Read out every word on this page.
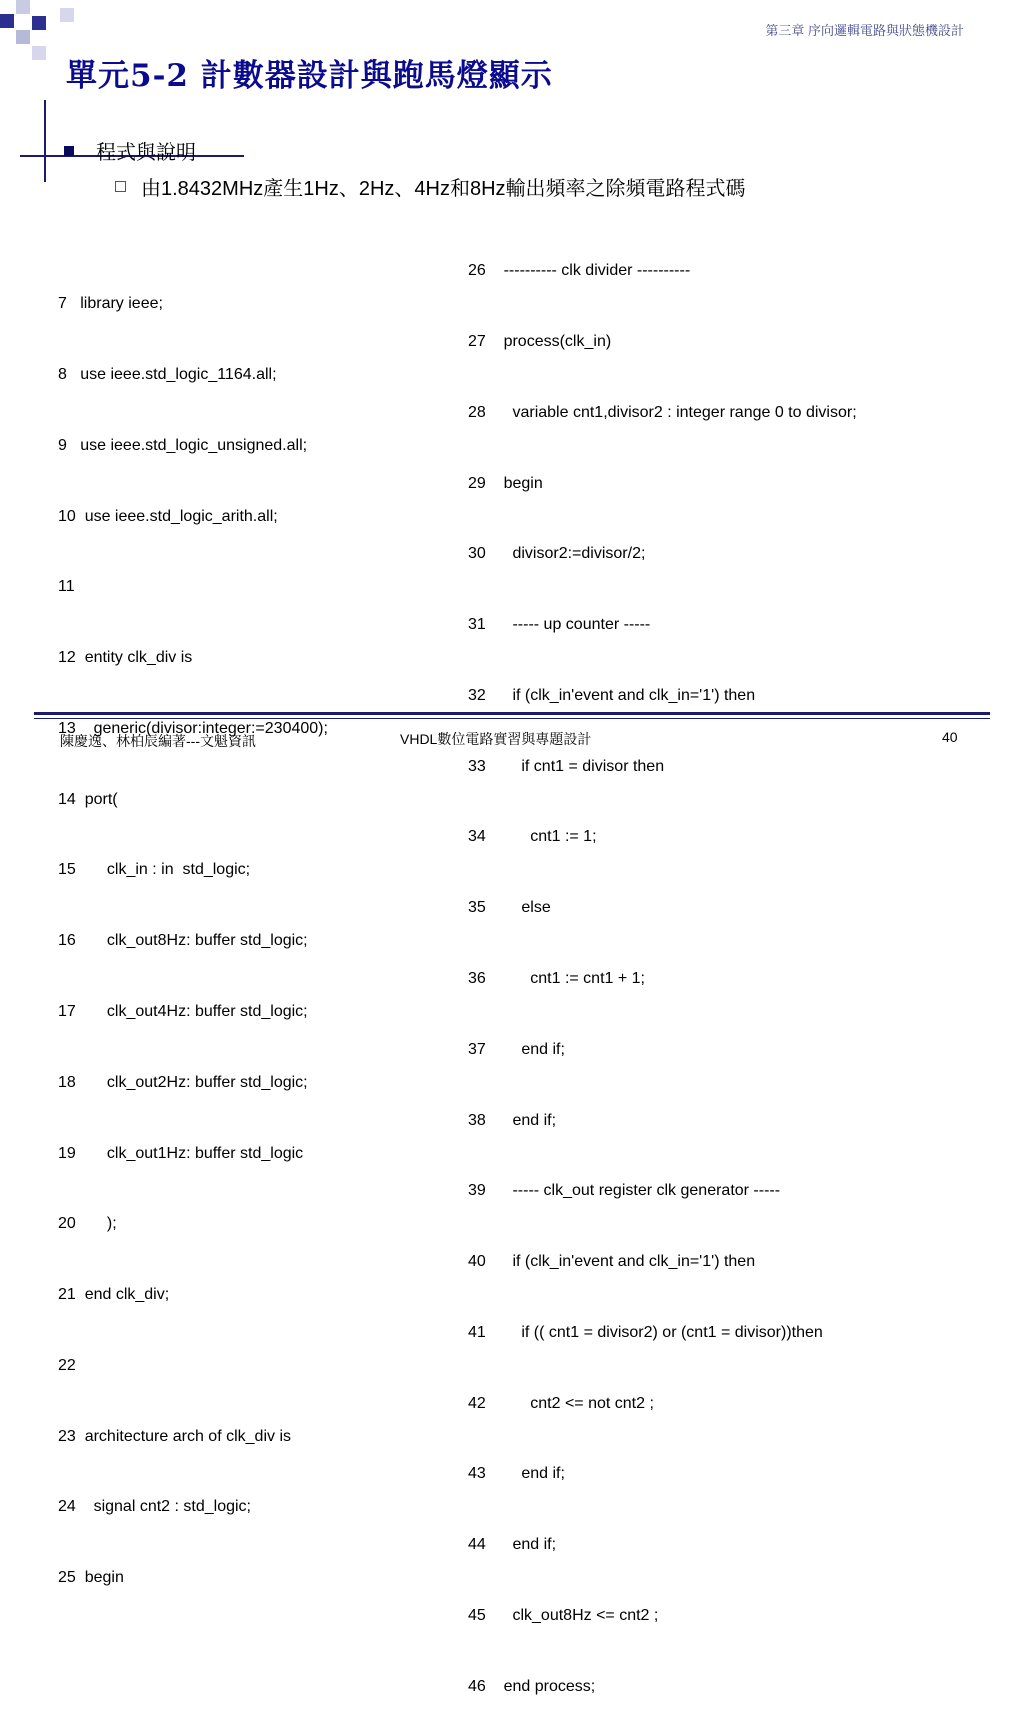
第三章 序向邏輯電路與狀態機設計
單元5-2 計數器設計與跑馬燈顯示
程式與說明
由1.8432MHz產生1Hz、2Hz、4Hz和8Hz輸出頻率之除頻電路程式碼

7   library ieee;

8   use ieee.std_logic_1164.all;

9   use ieee.std_logic_unsigned.all;

10  use ieee.std_logic_arith.all;

11

12  entity clk_div is

13    generic(divisor:integer:=230400);

14  port(

15       clk_in : in  std_logic;

16       clk_out8Hz: buffer std_logic;

17       clk_out4Hz: buffer std_logic;

18       clk_out2Hz: buffer std_logic;

19       clk_out1Hz: buffer std_logic

20       );

21  end clk_div;

22

23  architecture arch of clk_div is

24    signal cnt2 : std_logic;

25  begin

26    ---------- clk divider ----------

27    process(clk_in)

28      variable cnt1,divisor2 : integer range 0 to divisor;

29    begin

30      divisor2:=divisor/2;

31      ----- up counter -----

32      if (clk_in'event and clk_in='1') then

33        if cnt1 = divisor then

34          cnt1 := 1;

35        else

36          cnt1 := cnt1 + 1;

37        end if;

38      end if;

39      ----- clk_out register clk generator -----

40      if (clk_in'event and clk_in='1') then

41        if (( cnt1 = divisor2) or (cnt1 = divisor))then

42          cnt2 <= not cnt2 ;

43        end if;

44      end if;

45      clk_out8Hz <= cnt2 ;

46    end process;

陳慶逸、林柏辰編著---文魁資訊	VHDL數位電路實習與專題設計	40
